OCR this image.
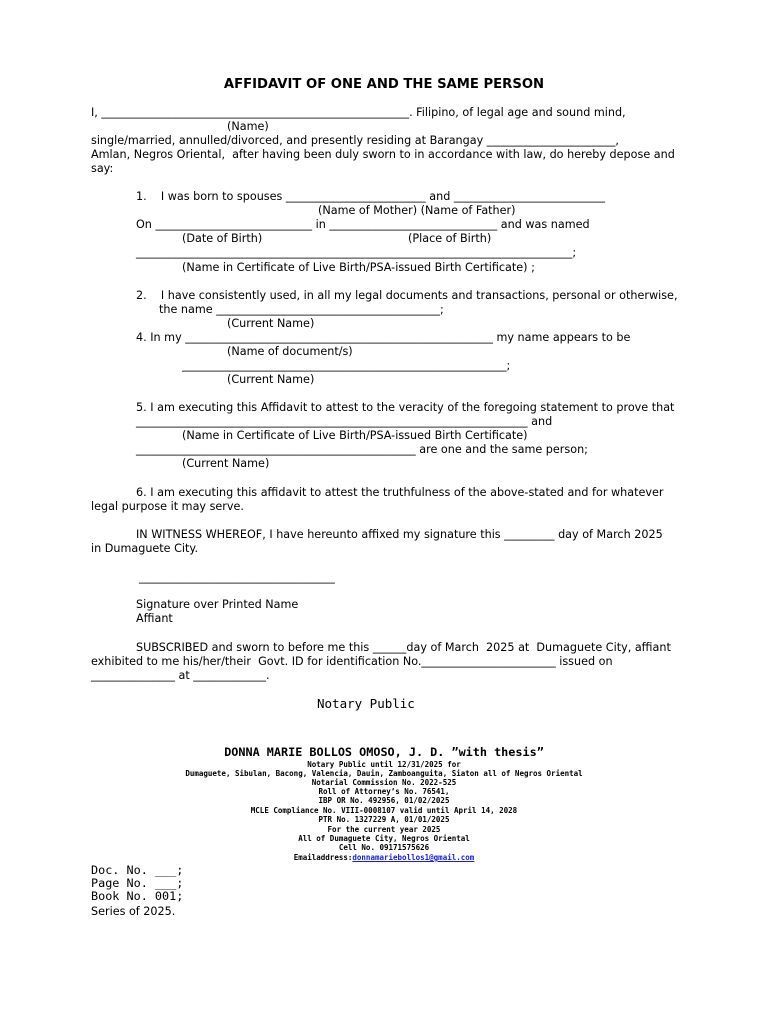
AFFIDAVIT OF ONE AND THE SAME PERSON
I, _______________________________________________________. Filipino, of legal age and sound mind,
(Name)
single/married, annulled/divorced, and presently residing at Barangay _______________________,
Amlan, Negros Oriental,  after having been duly sworn to in accordance with law, do hereby depose and
say:
1.    I was born to spouses _________________________ and ___________________________
(Name of Mother) (Name of Father)
On ____________________________ in ______________________________ and was named
(Date of Birth)	(Place of Birth)
______________________________________________________________________________;
(Name in Certificate of Live Birth/PSA-issued Birth Certificate) ;
2.    I have consistently used, in all my legal documents and transactions, personal or otherwise,
the name ________________________________________;
(Current Name)
4. In my _______________________________________________________ my name appears to be
(Name of document/s)
__________________________________________________________;
(Current Name)
5. I am executing this Affidavit to attest to the veracity of the foregoing statement to prove that
______________________________________________________________________ and
(Name in Certificate of Live Birth/PSA-issued Birth Certificate)
__________________________________________________ are one and the same person;
(Current Name)
6. I am executing this affidavit to attest the truthfulness of the above-stated and for whatever
legal purpose it may serve.
IN WITNESS WHEREOF, I have hereunto affixed my signature this _________ day of March 2025
in Dumaguete City.
___________________________________
Signature over Printed Name
Affiant
SUBSCRIBED and sworn to before me this ______day of March  2025 at  Dumaguete City, affiant
exhibited to me his/her/their  Govt. ID for identification No.________________________ issued on
_______________ at _____________.
Notary Public
DONNA MARIE BOLLOS OMOSO, J. D. ”with thesis”
Notary Public until 12/31/2025 for
Dumaguete, Sibulan, Bacong, Valencia, Dauin, Zamboanguita, Siaton all of Negros Oriental
Notarial Commission No. 2022-525
Roll of Attorney’s No. 76541,
IBP OR No. 492956, 01/02/2025
MCLE Compliance No. VIII-0008107 valid until April 14, 2028
PTR No. 1327229 A, 01/01/2025
For the current year 2025
All of Dumaguete City, Negros Oriental
Cell No. 09171575626
Emailaddress:donnamariebollos1@gmail.com
Doc. No. ___;
Page No. ___;
Book No. 001;
Series of 2025.
